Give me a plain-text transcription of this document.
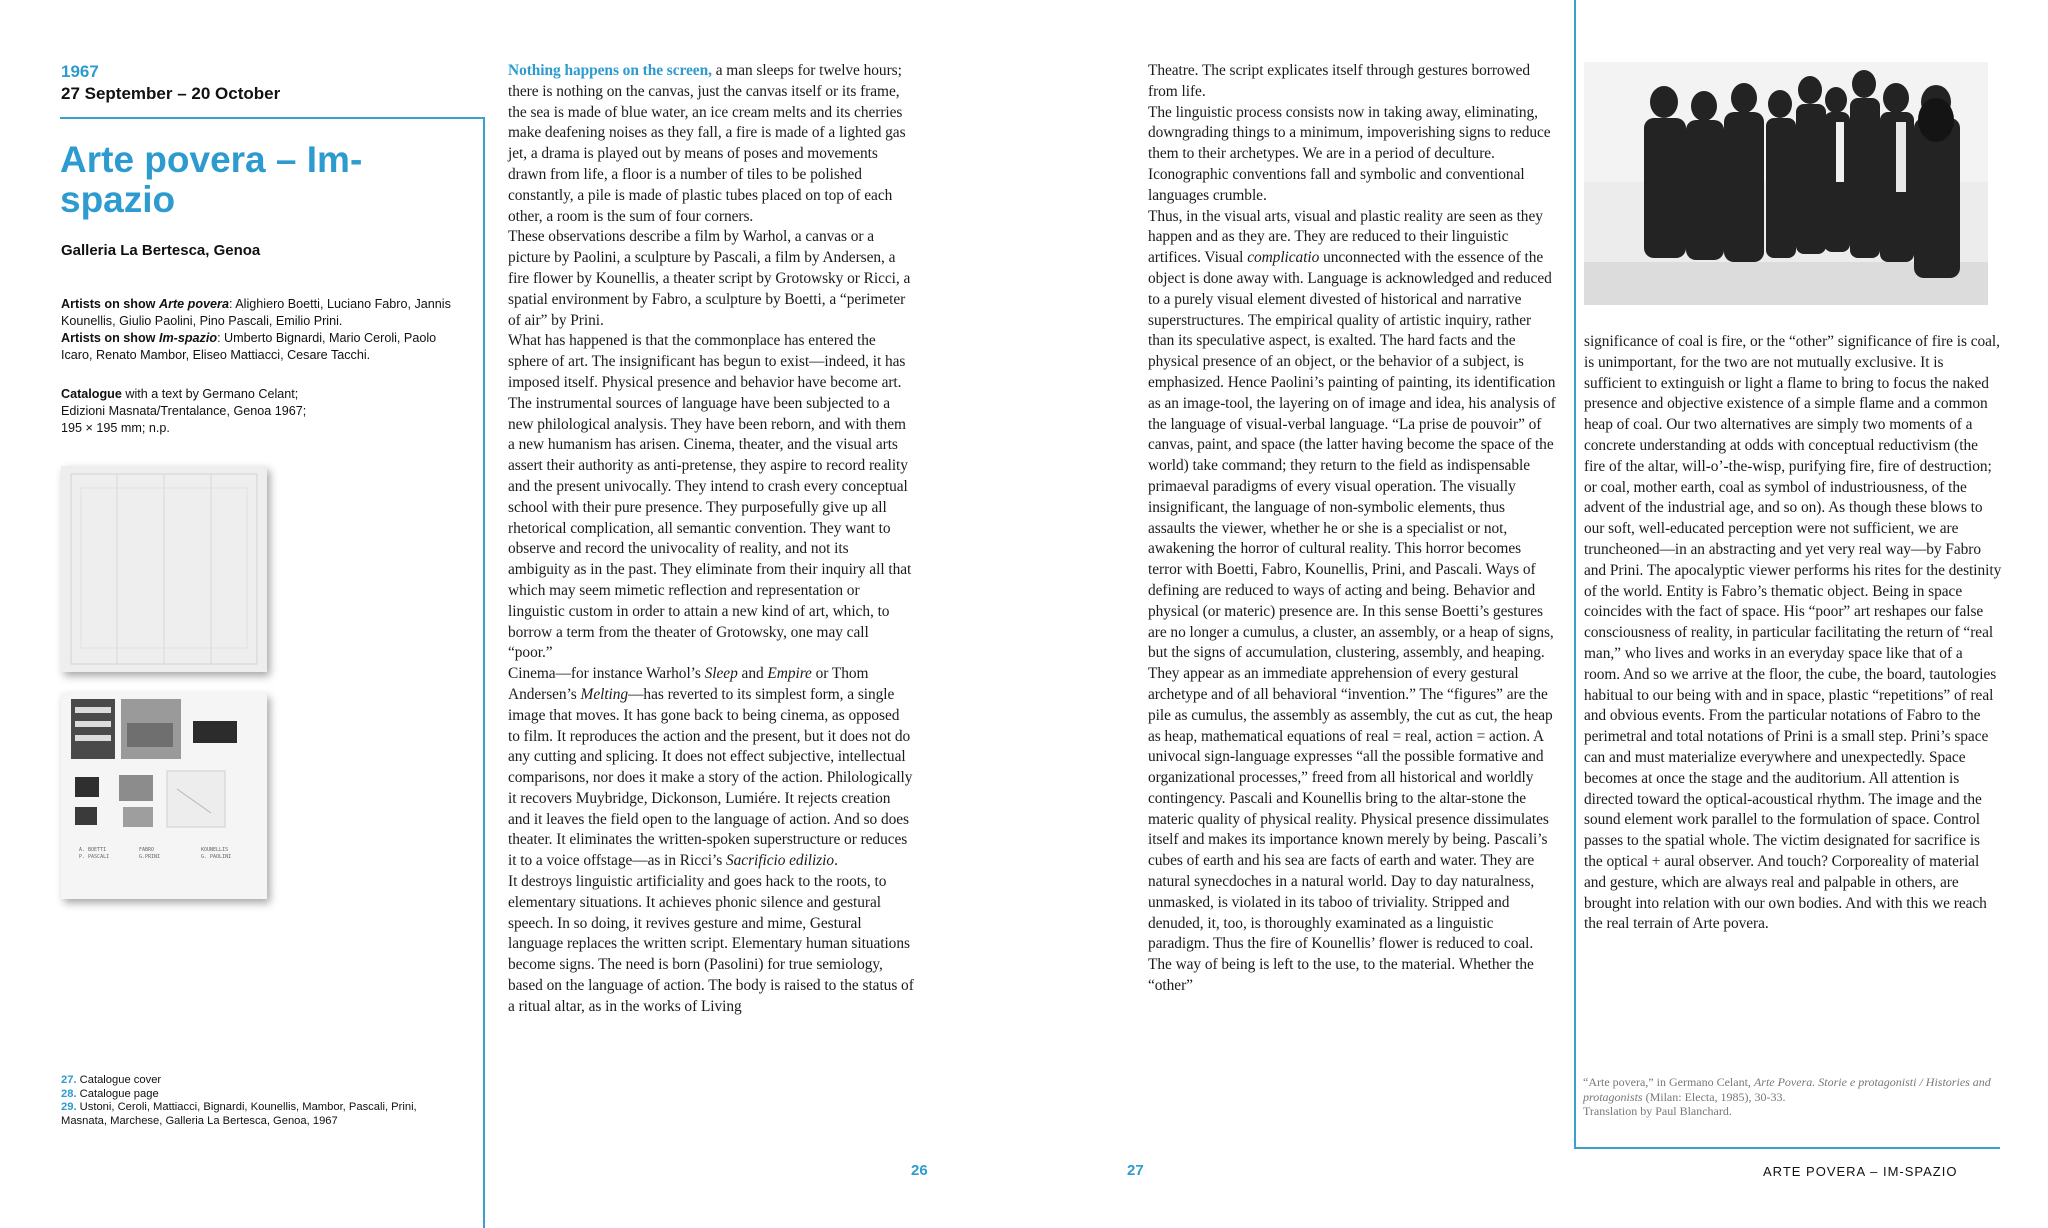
1967
27 September – 20 October
Arte povera – Im-spazio
Galleria La Bertesca, Genoa
Artists on show Arte povera: Alighiero Boetti, Luciano Fabro, Jannis Kounellis, Giulio Paolini, Pino Pascali, Emilio Prini.
Artists on show Im-spazio: Umberto Bignardi, Mario Ceroli, Paolo Icaro, Renato Mambor, Eliseo Mattiacci, Cesare Tacchi.
Catalogue with a text by Germano Celant;
Edizioni Masnata/Trentalance, Genoa 1967;
195 × 195 mm; n.p.
A. BOETTI
P. PASCALI
FABRO
G.PRINI
KOUNELLIS
G. PAOLINI
27. Catalogue cover
28. Catalogue page
29. Ustoni, Ceroli, Mattiacci, Bignardi, Kounellis, Mambor, Pascali, Prini, Masnata, Marchese, Galleria La Bertesca, Genoa, 1967

Nothing happens on the screen, a man sleeps for twelve hours; there is nothing on the canvas, just the canvas itself or its frame, the sea is made of blue water, an ice cream melts and its cherries make deafening noises as they fall, a fire is made of a lighted gas jet, a drama is played out by means of poses and movements drawn from life, a floor is a number of tiles to be polished constantly, a pile is made of plastic tubes placed on top of each other, a room is the sum of four corners.

These observations describe a film by Warhol, a canvas or a picture by Paolini, a sculpture by Pascali, a film by Andersen, a fire flower by Kounellis, a theater script by Grotowsky or Ricci, a spatial environment by Fabro, a sculpture by Boetti, a “perimeter of air” by Prini.

What has happened is that the commonplace has entered the sphere of art. The insignificant has begun to exist—indeed, it has imposed itself. Physical presence and behavior have become art.

The instrumental sources of language have been subjected to a new philological analysis. They have been reborn, and with them a new humanism has arisen. Cinema, theater, and the visual arts assert their authority as anti-pretense, they aspire to record reality and the present univocally. They intend to crash every conceptual school with their pure presence. They purposefully give up all rhetorical complication, all semantic convention. They want to observe and record the univocality of reality, and not its ambiguity as in the past. They eliminate from their inquiry all that which may seem mimetic reflection and representation or linguistic custom in order to attain a new kind of art, which, to borrow a term from the theater of Grotowsky, one may call “poor.”

Cinema—for instance Warhol’s Sleep and Empire or Thom Andersen’s Melting—has reverted to its simplest form, a single image that moves. It has gone back to being cinema, as opposed to film. It reproduces the action and the present, but it does not do any cutting and splicing. It does not effect subjective, intellectual comparisons, nor does it make a story of the action. Philologically it recovers Muybridge, Dickonson, Lumiére. It rejects creation and it leaves the field open to the language of action. And so does theater. It eliminates the written-spoken superstructure or reduces it to a voice offstage—as in Ricci’s Sacrificio edilizio.

It destroys linguistic artificiality and goes hack to the roots, to elementary situations. It achieves phonic silence and gestural speech. In so doing, it revives gesture and mime, Gestural language replaces the written script. Elementary human situations become signs. The need is born (Pasolini) for true semiology, based on the language of action. The body is raised to the status of a ritual altar, as in the works of Living

26

Theatre. The script explicates itself through gestures borrowed from life.

The linguistic process consists now in taking away, eliminating, downgrading things to a minimum, impoverishing signs to reduce them to their archetypes. We are in a period of deculture. Iconographic conventions fall and symbolic and conventional languages crumble.

Thus, in the visual arts, visual and plastic reality are seen as they happen and as they are. They are reduced to their linguistic artifices. Visual complicatio unconnected with the essence of the object is done away with. Language is acknowledged and reduced to a purely visual element divested of historical and narrative superstructures. The empirical quality of artistic inquiry, rather than its speculative aspect, is exalted. The hard facts and the physical presence of an object, or the behavior of a subject, is emphasized. Hence Paolini’s painting of painting, its identification as an image-tool, the layering on of image and idea, his analysis of the language of visual-verbal language. “La prise de pouvoir” of canvas, paint, and space (the latter having become the space of the world) take command; they return to the field as indispensable primaeval paradigms of every visual operation. The visually insignificant, the language of non-symbolic elements, thus assaults the viewer, whether he or she is a specialist or not, awakening the horror of cultural reality. This horror becomes terror with Boetti, Fabro, Kounellis, Prini, and Pascali. Ways of defining are reduced to ways of acting and being. Behavior and physical (or materic) presence are. In this sense Boetti’s gestures are no longer a cumulus, a cluster, an assembly, or a heap of signs, but the signs of accumulation, clustering, assembly, and heaping. They appear as an immediate apprehension of every gestural archetype and of all behavioral “invention.” The “figures” are the pile as cumulus, the assembly as assembly, the cut as cut, the heap as heap, mathematical equations of real = real, action = action. A univocal sign-language expresses “all the possible formative and organizational processes,” freed from all historical and worldly contingency. Pascali and Kounellis bring to the altar-stone the materic quality of physical reality. Physical presence dissimulates itself and makes its importance known merely by being. Pascali’s cubes of earth and his sea are facts of earth and water. They are natural synecdoches in a natural world. Day to day naturalness, unmasked, is violated in its taboo of triviality. Stripped and denuded, it, too, is thoroughly examinated as a linguistic paradigm. Thus the fire of Kounellis’ flower is reduced to coal. The way of being is left to the use, to the material. Whether the “other”

significance of coal is fire, or the “other” significance of fire is coal, is unimportant, for the two are not mutually exclusive. It is sufficient to extinguish or light a flame to bring to focus the naked presence and objective existence of a simple flame and a common heap of coal. Our two alternatives are simply two moments of a concrete understanding at odds with conceptual reductivism (the fire of the altar, will-o’-the-wisp, purifying fire, fire of destruction; or coal, mother earth, coal as symbol of industriousness, of the advent of the industrial age, and so on). As though these blows to our soft, well-educated perception were not sufficient, we are truncheoned—in an abstracting and yet very real way—by Fabro and Prini. The apocalyptic viewer performs his rites for the destinity of the world. Entity is Fabro’s thematic object. Being in space coincides with the fact of space. His “poor” art reshapes our false consciousness of reality, in particular facilitating the return of “real man,” who lives and works in an everyday space like that of a room. And so we arrive at the floor, the cube, the board, tautologies habitual to our being with and in space, plastic “repetitions” of real and obvious events. From the particular notations of Fabro to the perimetral and total notations of Prini is a small step. Prini’s space can and must materialize everywhere and unexpectedly. Space becomes at once the stage and the auditorium. All attention is directed toward the optical-acoustical rhythm. The image and the sound element work parallel to the formulation of space. Control passes to the spatial whole. The victim designated for sacrifice is the optical + aural observer. And touch? Corporeality of material and gesture, which are always real and palpable in others, are brought into relation with our own bodies. And with this we reach the real terrain of Arte povera.

“Arte povera,” in Germano Celant, Arte Povera. Storie e protagonisti / Histories and protagonists (Milan: Electa, 1985), 30-33.
Translation by Paul Blanchard.
27	ARTE POVERA – IM-SPAZIO
